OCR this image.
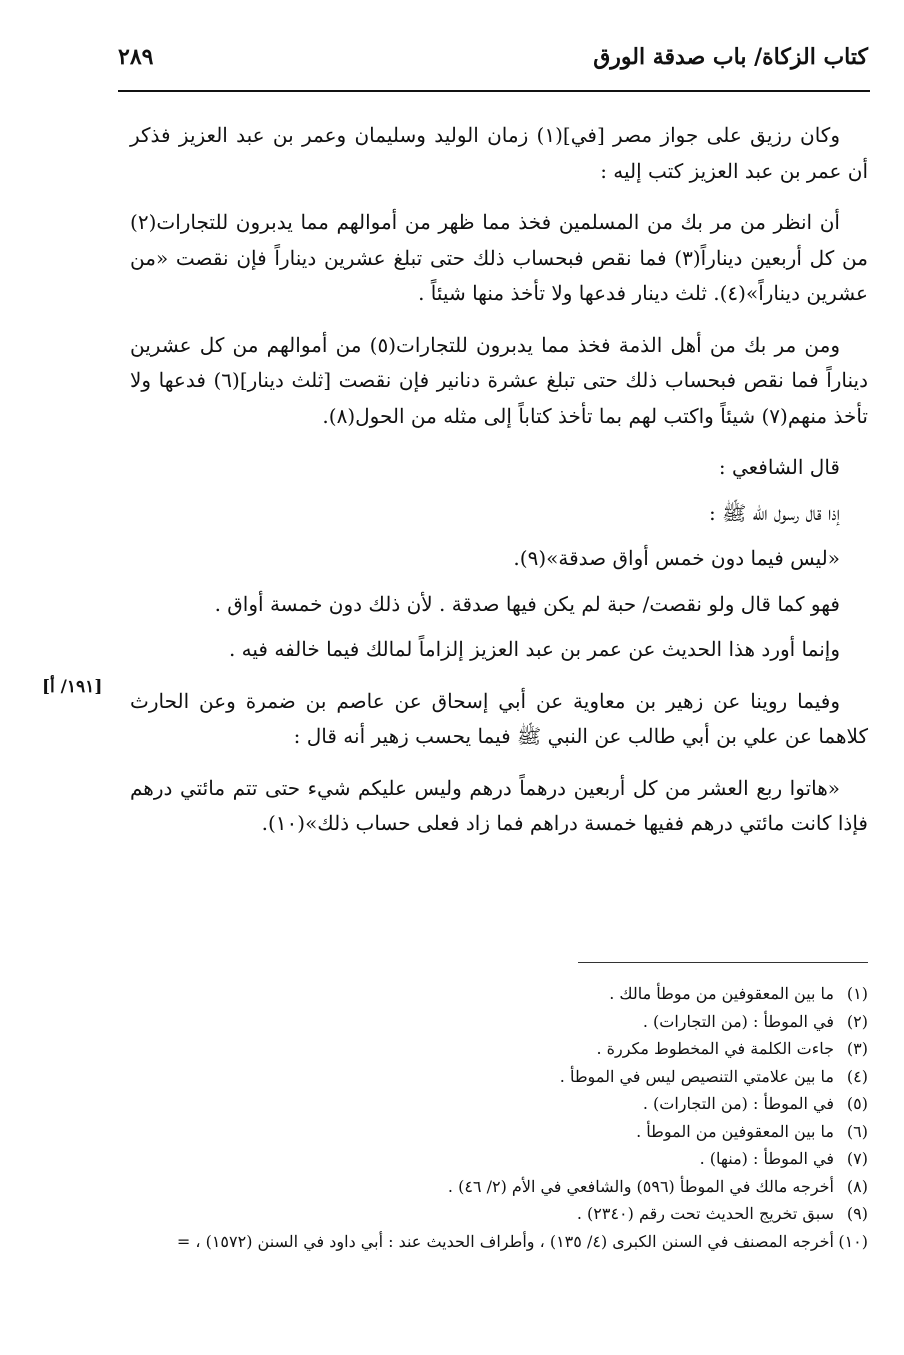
كتاب الزكاة/ باب صدقة الورق
٢٨٩

وكان رزيق على جواز مصر [في](١) زمان الوليد وسليمان وعمر بن عبد العزيز فذكر أن عمر بن عبد العزيز كتب إليه :

أن انظر من مر بك من المسلمين فخذ مما ظهر من أموالهم مما يدبرون للتجارات(٢) من كل أربعين ديناراً(٣) فما نقص فبحساب ذلك حتى تبلغ عشرين ديناراً فإن نقصت «من عشرين ديناراً»(٤). ثلث دينار فدعها ولا تأخذ منها شيئاً .

ومن مر بك من أهل الذمة فخذ مما يدبرون للتجارات(٥) من أموالهم من كل عشرين ديناراً فما نقص فبحساب ذلك حتى تبلغ عشرة دنانير فإن نقصت [ثلث دينار](٦) فدعها ولا تأخذ منهم(٧) شيئاً واكتب لهم بما تأخذ كتاباً إلى مثله من الحول(٨).

قال الشافعي :

إذا قال رسول الله ﷺ :

«ليس فيما دون خمس أواق صدقة»(٩).

فهو كما قال ولو نقصت/ حبة لم يكن فيها صدقة . لأن ذلك دون خمسة أواق .

وإنما أورد هذا الحديث عن عمر بن عبد العزيز إلزاماً لمالك فيما خالفه فيه .

وفيما روينا عن زهير بن معاوية عن أبي إسحاق عن عاصم بن ضمرة وعن الحارث كلاهما عن علي بن أبي طالب عن النبي ﷺ فيما يحسب زهير أنه قال :

«هاتوا ربع العشر من كل أربعين درهماً درهم وليس عليكم شيء حتى تتم مائتي درهم فإذا كانت مائتي درهم ففيها خمسة دراهم فما زاد فعلى حساب ذلك»(١٠).

[١٩١/ أ]
(١)ما بين المعقوفين من موطأ مالك .
(٢)في الموطأ : (من التجارات) .
(٣)جاءت الكلمة في المخطوط مكررة .
(٤)ما بين علامتي التنصيص ليس في الموطأ .
(٥)في الموطأ : (من التجارات) .
(٦)ما بين المعقوفين من الموطأ .
(٧)في الموطأ : (منها) .
(٨)أخرجه مالك في الموطأ (٥٩٦) والشافعي في الأم (٢/ ٤٦) .
(٩)سبق تخريج الحديث تحت رقم (٢٣٤٠) .
(١٠)أخرجه المصنف في السنن الكبرى (٤/ ١٣٥) ، وأطراف الحديث عند : أبي داود في السنن (١٥٧٢) ، =
